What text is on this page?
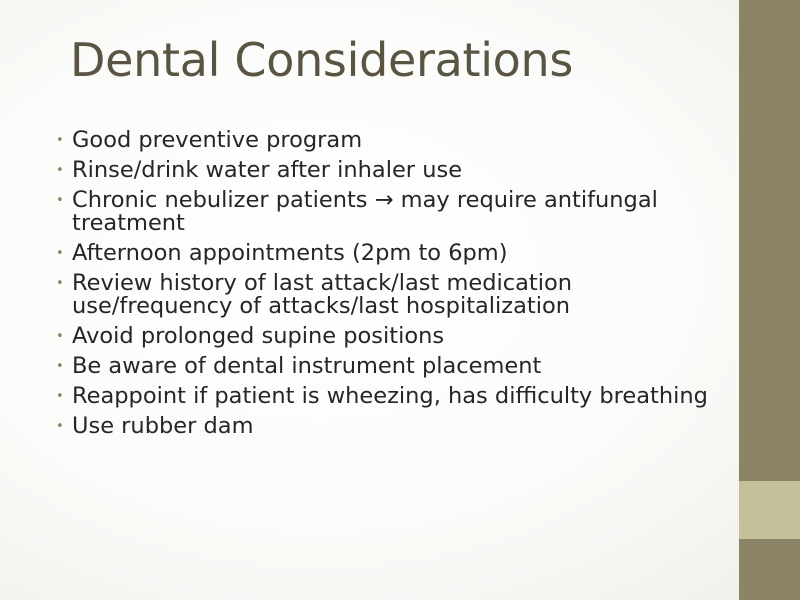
Dental Considerations
• Good preventive program
• Rinse/drink water after inhaler use
• Chronic nebulizer patients → may require antifungal treatment
• Afternoon appointments (2pm to 6pm)
• Review history of last attack/last medication use/frequency of attacks/last hospitalization
• Avoid prolonged supine positions
• Be aware of dental instrument placement
• Reappoint if patient is wheezing, has difficulty breathing
• Use rubber dam
